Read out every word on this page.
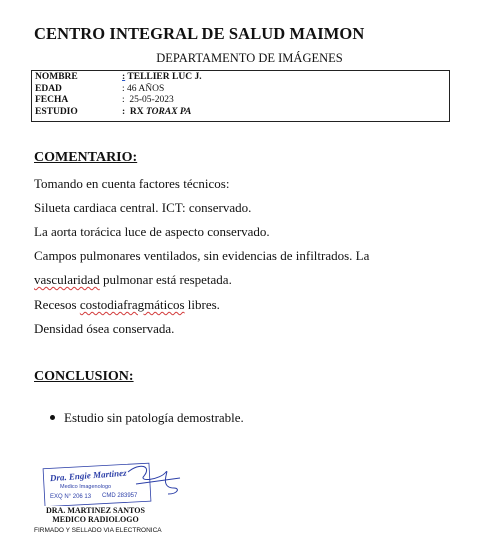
CENTRO INTEGRAL DE SALUD MAIMON
DEPARTAMENTO DE IMÁGENES
NOMBRE	: TELLIER LUC J.
EDAD	: 46 AÑOS
FECHA	: 25-05-2023
ESTUDIO	: RX TORAX PA
COMENTARIO:
Tomando en cuenta factores técnicos:
Silueta cardiaca central. ICT: conservado.
La aorta torácica luce de aspecto conservado.
Campos pulmonares ventilados, sin evidencias de infiltrados. La
vascularidad pulmonar está respetada.
Recesos costodiafragmáticos libres.
Densidad ósea conservada.
CONCLUSION:
Estudio sin patología demostrable.
Dra. Engie Martinez
Medico Imagenologo
EXQ N° 206 13 CMD 283957
DRA. MARTINEZ SANTOS
MEDICO RADIOLOGO
FIRMADO Y SELLADO VIA ELECTRONICA
